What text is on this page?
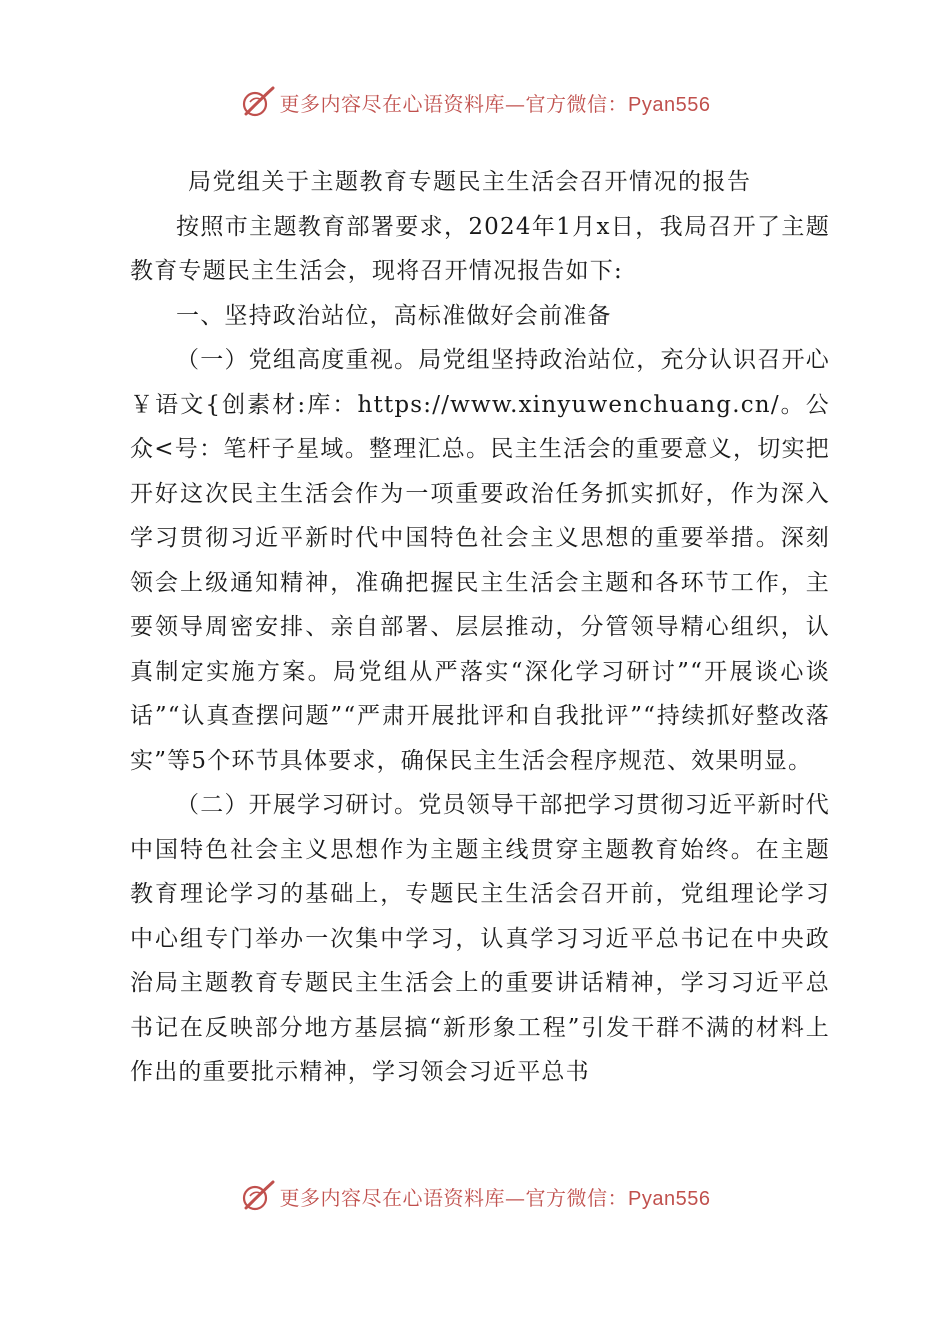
更多内容尽在心语资料库—官方微信：Pyan556
局党组关于主题教育专题民主生活会召开情况的报告

按照市主题教育部署要求，2024年1月x日，我局召开了主题教育专题民主生活会，现将召开情况报告如下:

一、坚持政治站位，高标准做好会前准备

（一）党组高度重视。局党组坚持政治站位，充分认识召开心￥语文{创素材:库：https://www.xinyuwenchuang.cn/。公众<号：笔杆子星域。整理汇总。民主生活会的重要意义，切实把开好这次民主生活会作为一项重要政治任务抓实抓好，作为深入学习贯彻习近平新时代中国特色社会主义思想的重要举措。深刻领会上级通知精神，准确把握民主生活会主题和各环节工作，主要领导周密安排、亲自部署、层层推动，分管领导精心组织，认真制定实施方案。局党组从严落实“深化学习研讨”“开展谈心谈话”“认真查摆问题”“严肃开展批评和自我批评”“持续抓好整改落实”等5个环节具体要求，确保民主生活会程序规范、效果明显。

（二）开展学习研讨。党员领导干部把学习贯彻习近平新时代中国特色社会主义思想作为主题主线贯穿主题教育始终。在主题教育理论学习的基础上，专题民主生活会召开前，党组理论学习中心组专门举办一次集中学习，认真学习习近平总书记在中央政治局主题教育专题民主生活会上的重要讲话精神，学习习近平总书记在反映部分地方基层搞“新形象工程”引发干群不满的材料上作出的重要批示精神，学习领会习近平总书

更多内容尽在心语资料库—官方微信：Pyan556
